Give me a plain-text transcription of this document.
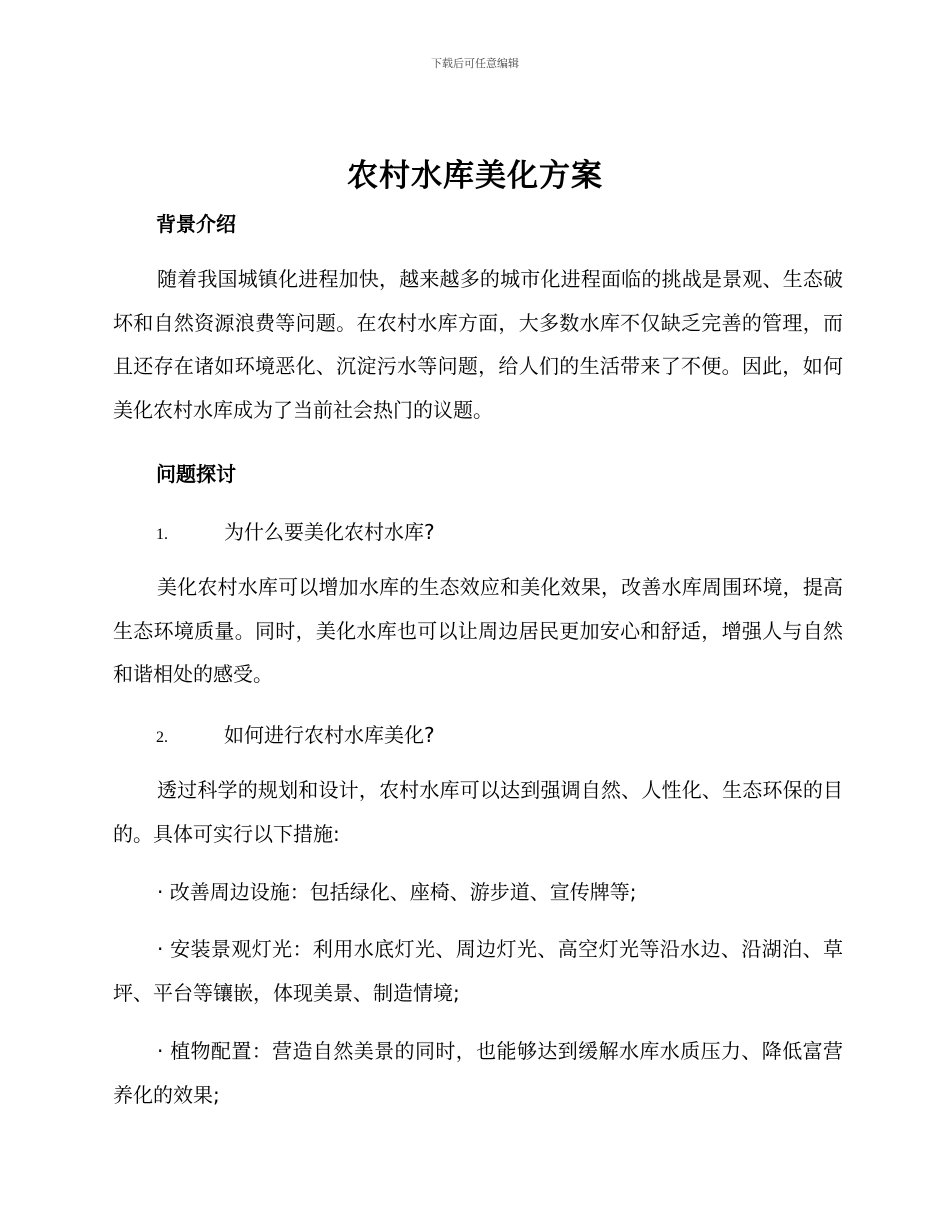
下载后可任意编辑
农村水库美化方案
背景介绍

随着我国城镇化进程加快，越来越多的城市化进程面临的挑战是景观、生态破坏和自然资源浪费等问题。在农村水库方面，大多数水库不仅缺乏完善的管理，而且还存在诸如环境恶化、沉淀污水等问题，给人们的生活带来了不便。因此，如何美化农村水库成为了当前社会热门的议题。

问题探讨
1.	为什么要美化农村水库?

美化农村水库可以增加水库的生态效应和美化效果，改善水库周围环境，提高生态环境质量。同时，美化水库也可以让周边居民更加安心和舒适，增强人与自然和谐相处的感受。

2.	如何进行农村水库美化?

透过科学的规划和设计，农村水库可以达到强调自然、人性化、生态环保的目的。具体可实行以下措施:

· 改善周边设施：包括绿化、座椅、游步道、宣传牌等;

· 安装景观灯光：利用水底灯光、周边灯光、高空灯光等沿水边、沿湖泊、草坪、平台等镶嵌，体现美景、制造情境;

· 植物配置：营造自然美景的同时，也能够达到缓解水库水质压力、降低富营养化的效果;
